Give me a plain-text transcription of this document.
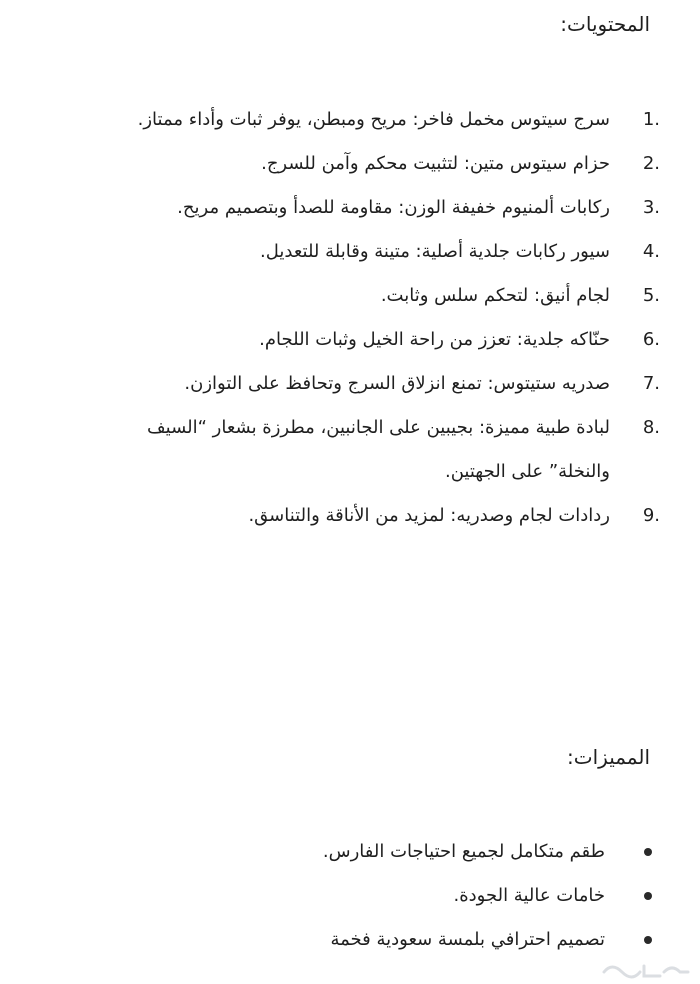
المحتويات:
1 .
سرج سيتوس مخمل فاخر: مريح ومبطن، يوفر ثبات وأداء ممتاز.
2 .
حزام سيتوس متين: لتثبيت محكم وآمن للسرج.
3 .
ركابات ألمنيوم خفيفة الوزن: مقاومة للصدأ وبتصميم مريح.
4 .
سيور ركابات جلدية أصلية: متينة وقابلة للتعديل.
5 .
لجام أنيق: لتحكم سلس وثابت.
6 .
حنّاكه جلدية: تعزز من راحة الخيل وثبات اللجام.
7 .
صدريه ستيتوس: تمنع انزلاق السرج وتحافظ على التوازن.
8 .
لبادة طبية مميزة: بجيبين على الجانبين، مطرزة بشعار “السيف والنخلة” على الجهتين.
9 .
ردادات لجام وصدريه: لمزيد من الأناقة والتناسق.
المميزات:
طقم متكامل لجميع احتياجات الفارس.
خامات عالية الجودة.
تصميم احترافي بلمسة سعودية فخمة
